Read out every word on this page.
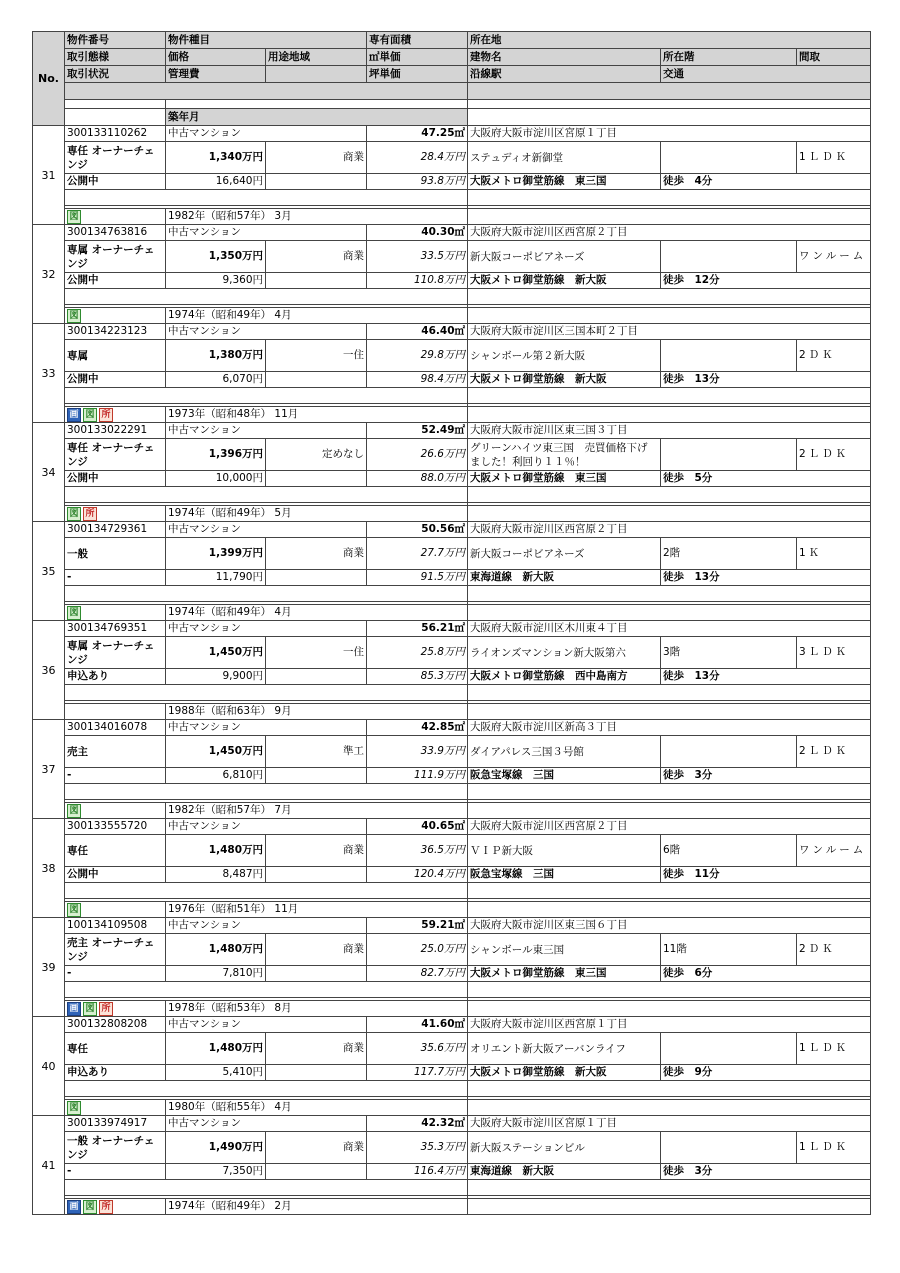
No.	物件番号	物件種目		専有面積	所在地		
	取引態様	価格	用途地域	㎡単価	建物名	所在階	間取
	取引状況	管理費		坪単価	沿線駅	交通	

		築年月					
31	300133110262	中古マンション		47.25㎡	大阪府大阪市淀川区宮原１丁目		
	専任 オーナーチェンジ	1,340万円	商業	28.4万円	ステュディオ新御堂		1ＬＤＫ
	公開中	16,640円		93.8万円	大阪メトロ御堂筋線　東三国	徒歩　4分	

	図	1982年（昭和57年） 3月					
32	300134763816	中古マンション		40.30㎡	大阪府大阪市淀川区西宮原２丁目		
	専属 オーナーチェンジ	1,350万円	商業	33.5万円	新大阪コーポビアネーズ		ワンルーム
	公開中	9,360円		110.8万円	大阪メトロ御堂筋線　新大阪	徒歩　12分	

	図	1974年（昭和49年） 4月					
33	300134223123	中古マンション		46.40㎡	大阪府大阪市淀川区三国本町２丁目		
	専属	1,380万円	一住	29.8万円	シャンボール第２新大阪		2ＤＫ
	公開中	6,070円		98.4万円	大阪メトロ御堂筋線　新大阪	徒歩　13分	

	画 図 所	1973年（昭和48年） 11月					
34	300133022291	中古マンション		52.49㎡	大阪府大阪市淀川区東三国３丁目		
	専任 オーナーチェンジ	1,396万円	定めなし	26.6万円	グリーンハイツ東三国　売買価格下げました！利回り１１％！		2ＬＤＫ
	公開中	10,000円		88.0万円	大阪メトロ御堂筋線　東三国	徒歩　5分	

	図 所	1974年（昭和49年） 5月					
35	300134729361	中古マンション		50.56㎡	大阪府大阪市淀川区西宮原２丁目		
	一般	1,399万円	商業	27.7万円	新大阪コーポビアネーズ	2階	1Ｋ
	-	11,790円		91.5万円	東海道線　新大阪	徒歩　13分	

	図	1974年（昭和49年） 4月					
36	300134769351	中古マンション		56.21㎡	大阪府大阪市淀川区木川東４丁目		
	専属 オーナーチェンジ	1,450万円	一住	25.8万円	ライオンズマンション新大阪第六	3階	3ＬＤＫ
	申込あり	9,900円		85.3万円	大阪メトロ御堂筋線　西中島南方	徒歩　13分	

		1988年（昭和63年） 9月					
37	300134016078	中古マンション		42.85㎡	大阪府大阪市淀川区新高３丁目		
	売主	1,450万円	準工	33.9万円	ダイアパレス三国３号館		2ＬＤＫ
	-	6,810円		111.9万円	阪急宝塚線　三国	徒歩　3分	

	図	1982年（昭和57年） 7月					
38	300133555720	中古マンション		40.65㎡	大阪府大阪市淀川区西宮原２丁目		
	専任	1,480万円	商業	36.5万円	ＶＩＰ新大阪	6階	ワンルーム
	公開中	8,487円		120.4万円	阪急宝塚線　三国	徒歩　11分	

	図	1976年（昭和51年） 11月					
39	100134109508	中古マンション		59.21㎡	大阪府大阪市淀川区東三国６丁目		
	売主 オーナーチェンジ	1,480万円	商業	25.0万円	シャンボール東三国	11階	2ＤＫ
	-	7,810円		82.7万円	大阪メトロ御堂筋線　東三国	徒歩　6分	

	画 図 所	1978年（昭和53年） 8月					
40	300132808208	中古マンション		41.60㎡	大阪府大阪市淀川区西宮原１丁目		
	専任	1,480万円	商業	35.6万円	オリエント新大阪アーバンライフ		1ＬＤＫ
	申込あり	5,410円		117.7万円	大阪メトロ御堂筋線　新大阪	徒歩　9分	

	図	1980年（昭和55年） 4月					
41	300133974917	中古マンション		42.32㎡	大阪府大阪市淀川区宮原１丁目		
	一般 オーナーチェンジ	1,490万円	商業	35.3万円	新大阪ステーションビル		1ＬＤＫ
	-	7,350円		116.4万円	東海道線　新大阪	徒歩　3分	

	画 図 所	1974年（昭和49年） 2月					
